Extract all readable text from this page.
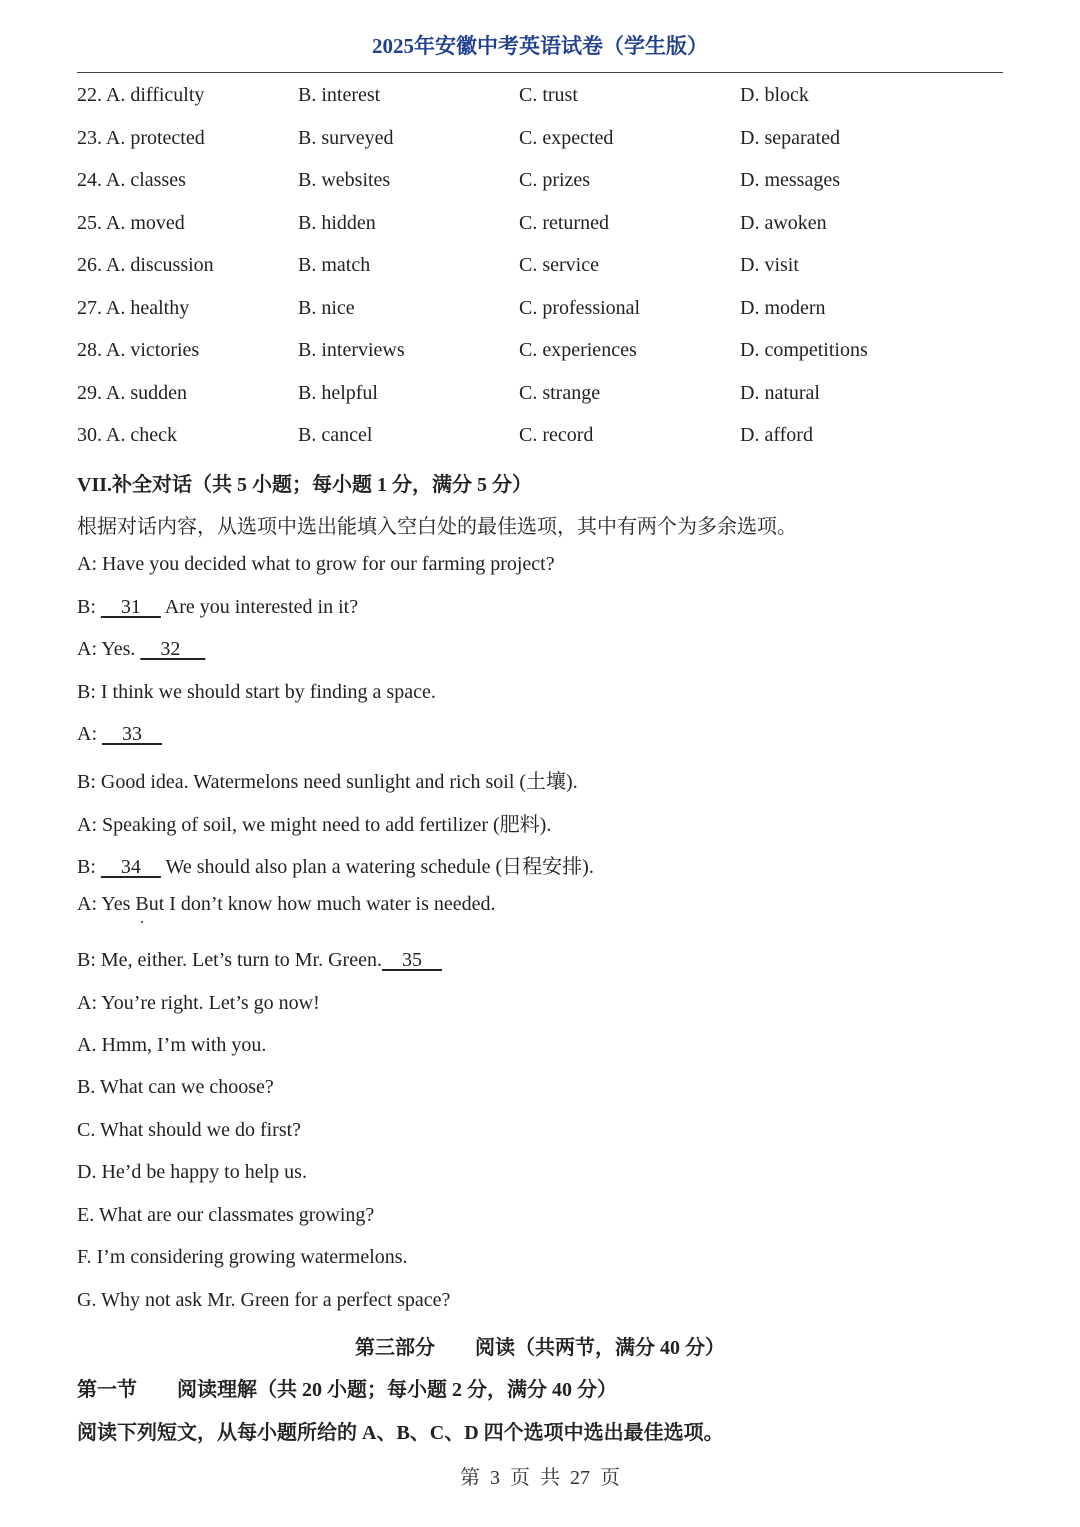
2025年安徽中考英语试卷（学生版）
22. A. difficulty	B. interest	C. trust	D. block
23. A. protected	B. surveyed	C. expected	D. separated
24. A. classes	B. websites	C. prizes	D. messages
25. A. moved	B. hidden	C. returned	D. awoken
26. A. discussion	B. match	C. service	D. visit
27. A. healthy	B. nice	C. professional	D. modern
28. A. victories	B. interviews	C. experiences	D. competitions
29. A. sudden	B. helpful	C. strange	D. natural
30. A. check	B. cancel	C. record	D. afford
VII.补全对话（共 5 小题；每小题 1 分，满分 5 分）
根据对话内容，从选项中选出能填入空白处的最佳选项，其中有两个为多余选项。
A: Have you decided what to grow for our farming project?
B:     31     Are you interested in it?
A: Yes.     32
B: I think we should start by finding a space.
A:     33
B: Good idea. Watermelons need sunlight and rich soil (土壤).
A: Speaking of soil, we might need to add fertilizer (肥料).
B:     34     We should also plan a watering schedule (日程安排).
A: Yes But I don’t know how much water is needed.
B: Me, either. Let’s turn to Mr. Green.    35
A: You’re right. Let’s go now!
A. Hmm, I’m with you.
B. What can we choose?
C. What should we do first?
D. He’d be happy to help us.
E. What are our classmates growing?
F. I’m considering growing watermelons.
G. Why not ask Mr. Green for a perfect space?
第三部分　　阅读（共两节，满分 40 分）
第一节　　阅读理解（共 20 小题；每小题 2 分，满分 40 分）
阅读下列短文，从每小题所给的 A、B、C、D 四个选项中选出最佳选项。
第  3  页  共  27  页
